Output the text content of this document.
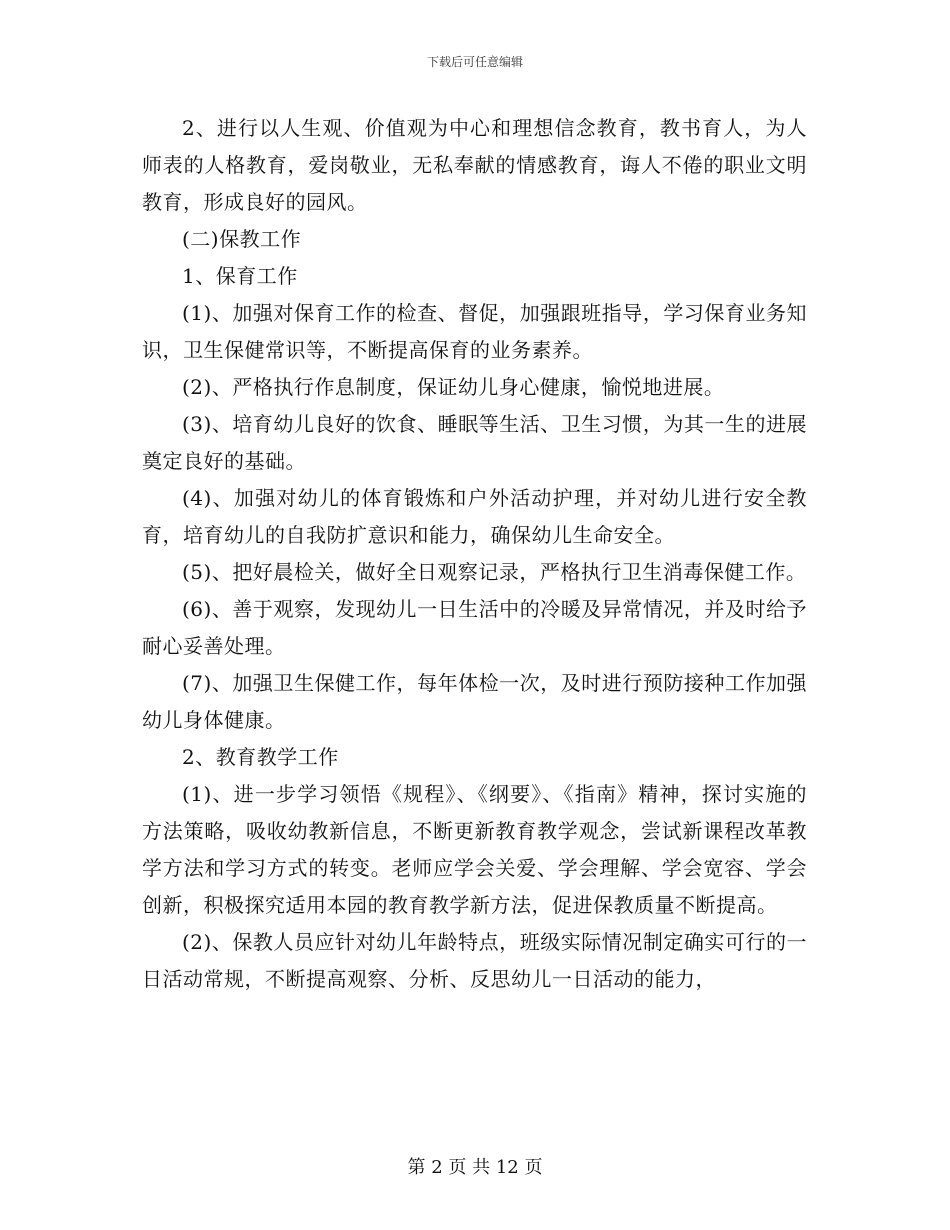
下载后可任意编辑

2、进行以人生观、价值观为中心和理想信念教育，教书育人，为人师表的人格教育，爱岗敬业，无私奉献的情感教育，诲人不倦的职业文明教育，形成良好的园风。

(二)保教工作

1、保育工作

(1)、加强对保育工作的检查、督促，加强跟班指导，学习保育业务知识，卫生保健常识等，不断提高保育的业务素养。

(2)、严格执行作息制度，保证幼儿身心健康，愉悦地进展。

(3)、培育幼儿良好的饮食、睡眠等生活、卫生习惯，为其一生的进展奠定良好的基础。

(4)、加强对幼儿的体育锻炼和户外活动护理，并对幼儿进行安全教育，培育幼儿的自我防扩意识和能力，确保幼儿生命安全。

(5)、把好晨检关，做好全日观察记录，严格执行卫生消毒保健工作。

(6)、善于观察，发现幼儿一日生活中的冷暖及异常情况，并及时给予耐心妥善处理。

(7)、加强卫生保健工作，每年体检一次，及时进行预防接种工作加强幼儿身体健康。

2、教育教学工作

(1)、进一步学习领悟《规程》、《纲要》、《指南》精神，探讨实施的方法策略，吸收幼教新信息，不断更新教育教学观念，尝试新课程改革教学方法和学习方式的转变。老师应学会关爱、学会理解、学会宽容、学会创新，积极探究适用本园的教育教学新方法，促进保教质量不断提高。

(2)、保教人员应针对幼儿年龄特点，班级实际情况制定确实可行的一日活动常规，不断提高观察、分析、反思幼儿一日活动的能力，

第 2 页 共 12 页
